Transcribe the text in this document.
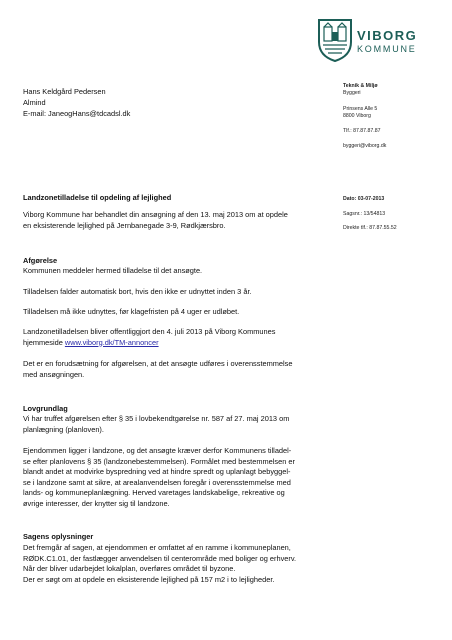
VIBORG
KOMMUNE
Hans Keldgård Pedersen
Almind
E-mail: JaneogHans@tdcadsl.dk
Teknik & Miljø
Byggeri
Prinsens Alle 5
8800 Viborg
Tlf.: 87.87.87.87
byggeri@viborg.dk
Dato: 03-07-2013
Sagsnr.: 13/54813
Direkte tlf.: 87.87.55.52
Landzonetilladelse til opdeling af lejlighed
Viborg Kommune har behandlet din ansøgning af den 13. maj 2013 om at opdele
en eksisterende lejlighed på Jernbanegade 3-9, Rødkjærsbro.
Afgørelse
Kommunen meddeler hermed tilladelse til det ansøgte.
Tilladelsen falder automatisk bort, hvis den ikke er udnyttet inden 3 år.
Tilladelsen må ikke udnyttes, før klagefristen på 4 uger er udløbet.
Landzonetilladelsen bliver offentliggjort den 4. juli 2013 på Viborg Kommunes
hjemmeside www.viborg.dk/TM-annoncer
Det er en forudsætning for afgørelsen, at det ansøgte udføres i overensstemmelse
med ansøgningen.
Lovgrundlag
Vi har truffet afgørelsen efter § 35 i lovbekendtgørelse nr. 587 af 27. maj 2013 om
planlægning (planloven).
Ejendommen ligger i landzone, og det ansøgte kræver derfor Kommunens tilladel-
se efter planlovens § 35 (landzonebestemmelsen). Formålet med bestemmelsen er
blandt andet at modvirke byspredning ved at hindre spredt og uplanlagt bebyggel-
se i landzone samt at sikre, at arealanvendelsen foregår i overensstemmelse med
lands- og kommuneplanlægning. Herved varetages landskabelige, rekreative og
øvrige interesser, der knytter sig til landzone.
Sagens oplysninger
Det fremgår af sagen, at ejendommen er omfattet af en ramme i kommuneplanen,
RØDK.C1.01, der fastlægger anvendelsen til centerområde med boliger og erhverv.
Når der bliver udarbejdet lokalplan, overføres området til byzone.
Der er søgt om at opdele en eksisterende lejlighed på 157 m2 i to lejligheder.
